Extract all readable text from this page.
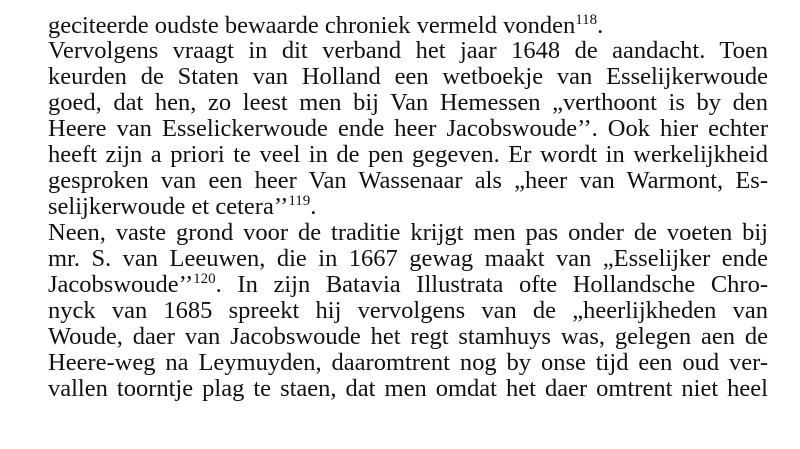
geciteerde oudste bewaarde chroniek vermeld vonden$^{118}$.
Vervolgens vraagt in dit verband het jaar 1648 de aandacht. Toen
keurden de Staten van Holland een wetboekje van Esselijkerwoude
goed, dat hen, zo leest men bij Van Hemessen „verthoont is by den
Heere van Esselickerwoude ende heer Jacobswoude’’. Ook hier echter
heeft zijn a priori te veel in de pen gegeven. Er wordt in werkelijkheid
gesproken van een heer Van Wassenaar als „heer van Warmont, Es-
selijkerwoude et cetera’’$^{119}$.
Neen, vaste grond voor de traditie krijgt men pas onder de voeten bij
mr. S. van Leeuwen, die in 1667 gewag maakt van „Esselijker ende
Jacobswoude’’$^{120}$. In zijn Batavia Illustrata ofte Hollandsche Chro-
nyck van 1685 spreekt hij vervolgens van de „heerlijkheden van
Woude, daer van Jacobswoude het regt stamhuys was, gelegen aen de
Heere-weg na Leymuyden, daaromtrent nog by onse tijd een oud ver-
vallen toorntje plag te staen, dat men omdat het daer omtrent niet heel
